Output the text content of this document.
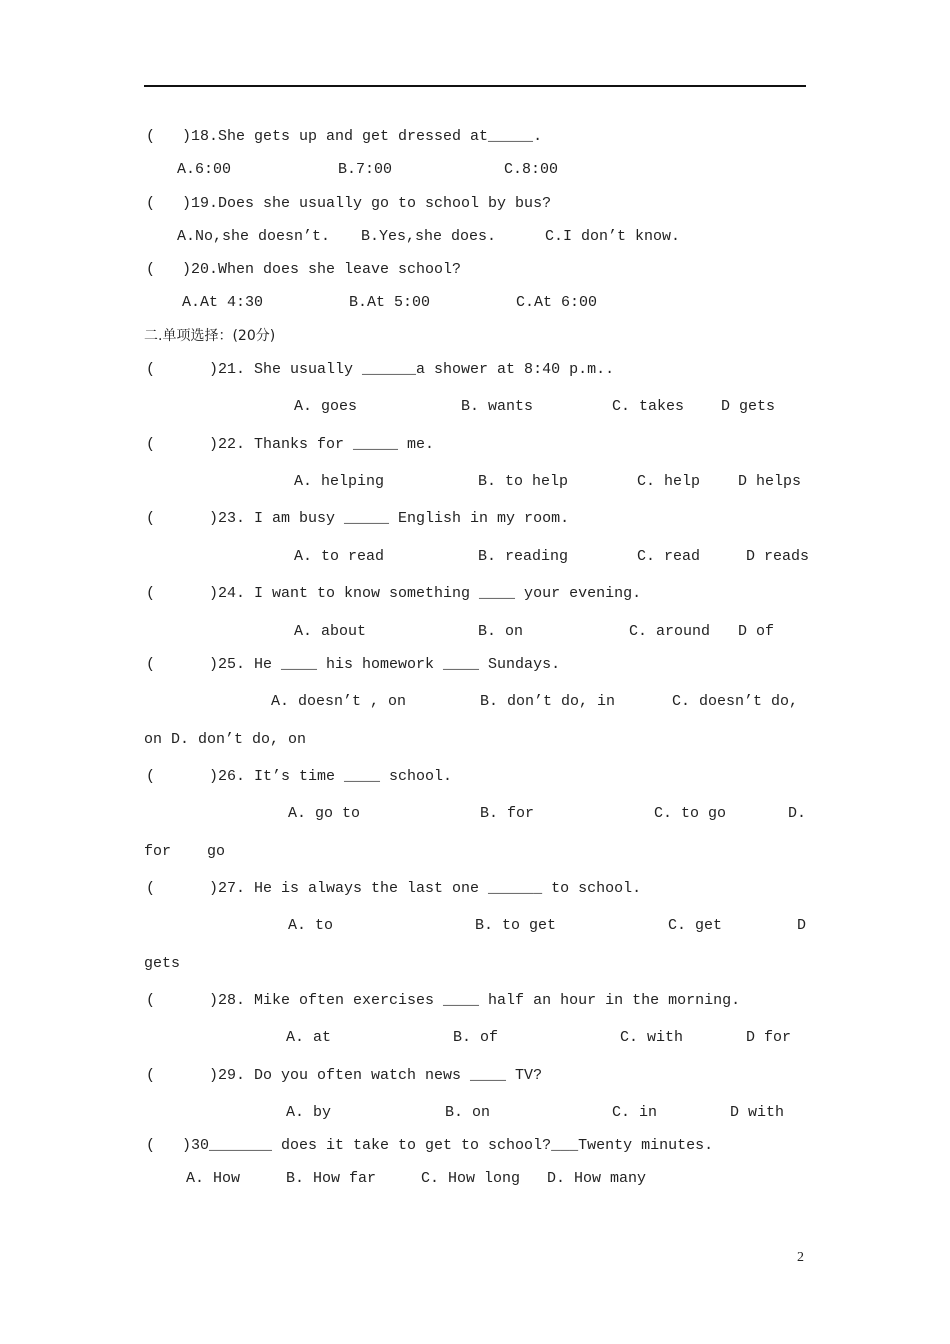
(   )18.She gets up and get dressed at_____.
A.6:00	B.7:00	C.8:00
(   )19.Does she usually go to school by bus?
A.No,she doesn’t. B.Yes,she does.	C.I don’t know.
(   )20.When does she leave school?
A.At 4:30	B.At 5:00	C.At 6:00
二.单项选择：(20分)
(      )21. She usually ______a shower at 8:40 p.m..
A. goes	B. wants	C. takes D gets
(      )22. Thanks for _____ me.
A. helping	B. to help	C. help	D helps
(      )23. I am busy _____ English in my room.
A. to read	B. reading	C. read	D reads
(      )24. I want to know something ____ your evening.
A. about	B. on	C. around D of
(      )25. He ____ his homework ____ Sundays.
A. doesn’t , on	B. don’t do, in	C. doesn’t do,
on D. don’t do, on
(      )26. It’s time ____ school.
A. go to	B. for	C. to go	D.
for    go
(      )27. He is always the last one ______ to school.
A. to	B. to get	C. get	D
gets
(      )28. Mike often exercises ____ half an hour in the morning.
A. at	B. of	C. with	D for
(      )29. Do you often watch news ____ TV?
A. by	B. on	C. in	D with
(   )30_______ does it take to get to school?___Twenty minutes.
A. How	B. How far	C. How long D. How many
2
